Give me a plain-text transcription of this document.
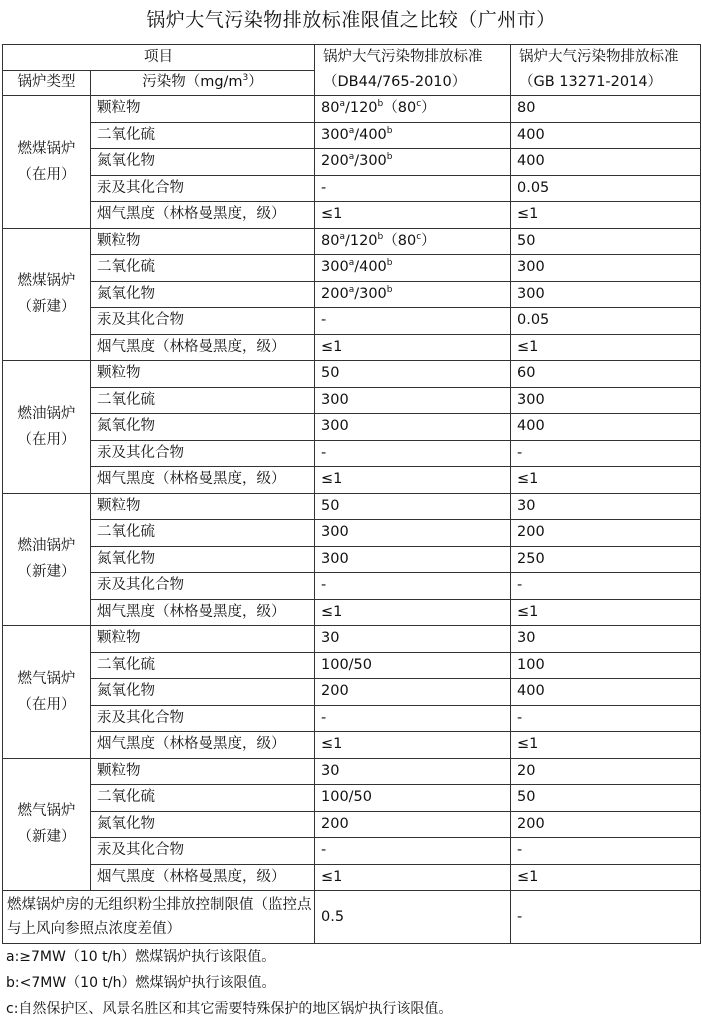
锅炉大气污染物排放标准限值之比较（广州市）
项目		锅炉大气污染物排放标准（DB44/765-2010）	锅炉大气污染物排放标准（GB 13271-2014）
锅炉类型	污染物$(mg/m^3)$		

燃煤锅炉
（在用）	颗粒物	80$^a$/120$^b$（80$^c$）	80
	二氧化硫	300$^a$/400$^b$	400
	氮氧化物	200$^a$/300$^b$	400
	汞及其化合物	-	0.05
	烟气黑度（林格曼黑度，级）	≤1	≤1

燃煤锅炉
（新建）	颗粒物	80$^a$/120$^b$（80$^c$）	50
	二氧化硫	300$^a$/400$^b$	300
	氮氧化物	200$^a$/300$^b$	300
	汞及其化合物	-	0.05
	烟气黑度（林格曼黑度，级）	≤1	≤1

燃油锅炉
（在用）	颗粒物	50	60
	二氧化硫	300	300
	氮氧化物	300	400
	汞及其化合物	-	-
	烟气黑度（林格曼黑度，级）	≤1	≤1

燃油锅炉
（新建）	颗粒物	50	30
	二氧化硫	300	200
	氮氧化物	300	250
	汞及其化合物	-	-
	烟气黑度（林格曼黑度，级）	≤1	≤1

燃气锅炉
（在用）	颗粒物	30	30
	二氧化硫	100/50	100
	氮氧化物	200	400
	汞及其化合物	-	-
	烟气黑度（林格曼黑度，级）	≤1	≤1

燃气锅炉
（新建）	颗粒物	30	20
	二氧化硫	100/50	50
	氮氧化物	200	200
	汞及其化合物	-	-
	烟气黑度（林格曼黑度，级）	≤1	≤1
燃煤锅炉房的无组织粉尘排放控制限值（监控点与上风向参照点浓度差值）		0.5	-
a:≥7MW（10 t/h）燃煤锅炉执行该限值。
b:<7MW（10 t/h）燃煤锅炉执行该限值。
c:自然保护区、风景名胜区和其它需要特殊保护的地区锅炉执行该限值。
